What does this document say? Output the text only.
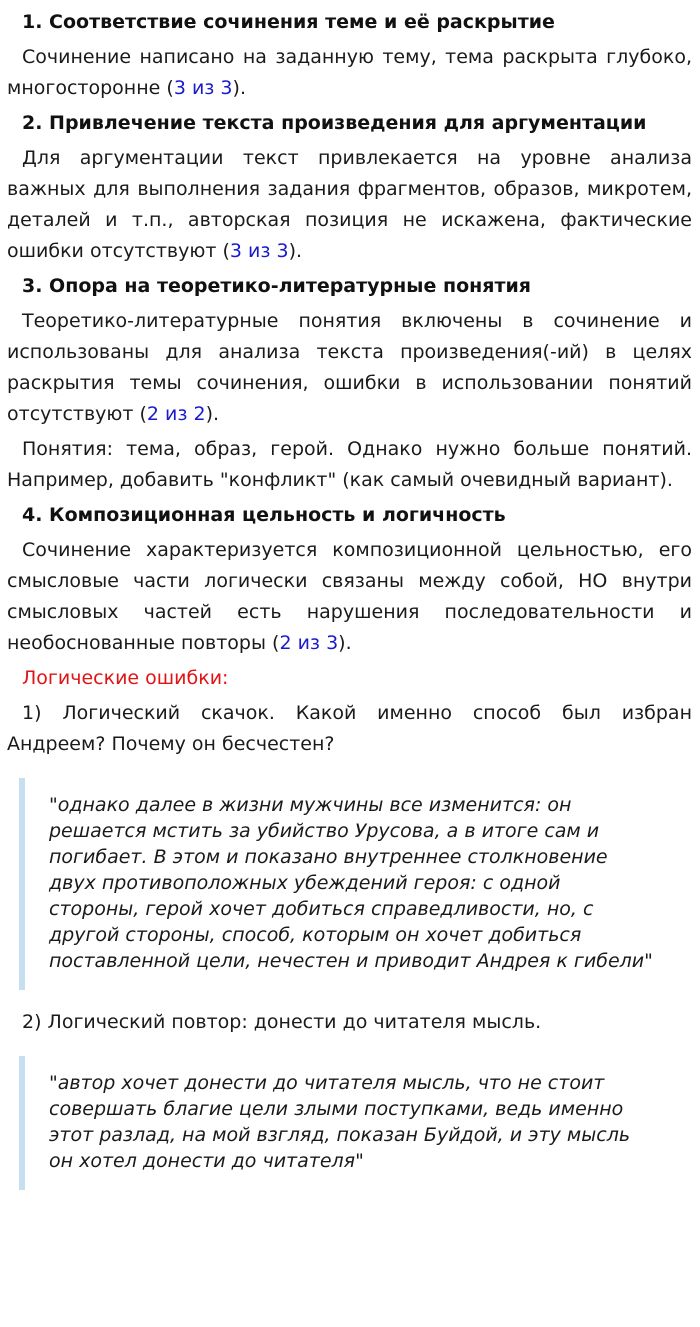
1. Соответствие сочинения теме и её раскрытие

Сочинение написано на заданную тему, тема раскрыта глубоко, многосторонне (3 из 3).

2. Привлечение текста произведения для аргументации

Для аргументации текст привлекается на уровне анализа важных для выполнения задания фрагментов, образов, микротем, деталей и т.п., авторская позиция не искажена, фактические ошибки отсутствуют (3 из 3).

3. Опора на теоретико-литературные понятия

Теоретико-литературные понятия включены в сочинение и использованы для анализа текста произведения(-ий) в целях раскрытия темы сочинения, ошибки в использовании понятий отсутствуют (2 из 2).

Понятия: тема, образ, герой. Однако нужно больше понятий. Например, добавить "конфликт" (как самый очевидный вариант).

4. Композиционная цельность и логичность

Сочинение характеризуется композиционной цельностью, его смысловые части логически связаны между собой, НО внутри смысловых частей есть нарушения последовательности и необоснованные повторы (2 из 3).

Логические ошибки:

1) Логический скачок. Какой именно способ был избран Андреем? Почему он бесчестен?

"однако далее в жизни мужчины все изменится: он решается мстить за убийство Урусова, а в итоге сам и погибает. В этом и показано внутреннее столкновение двух противоположных убеждений героя: с одной стороны, герой хочет добиться справедливости, но, с другой стороны, способ, которым он хочет добиться поставленной цели, нечестен и приводит Андрея к гибели"

2) Логический повтор: донести до читателя мысль.

"автор хочет донести до читателя мысль, что не стоит совершать благие цели злыми поступками, ведь именно этот разлад, на мой взгляд, показан Буйдой, и эту мысль он хотел донести до читателя"
